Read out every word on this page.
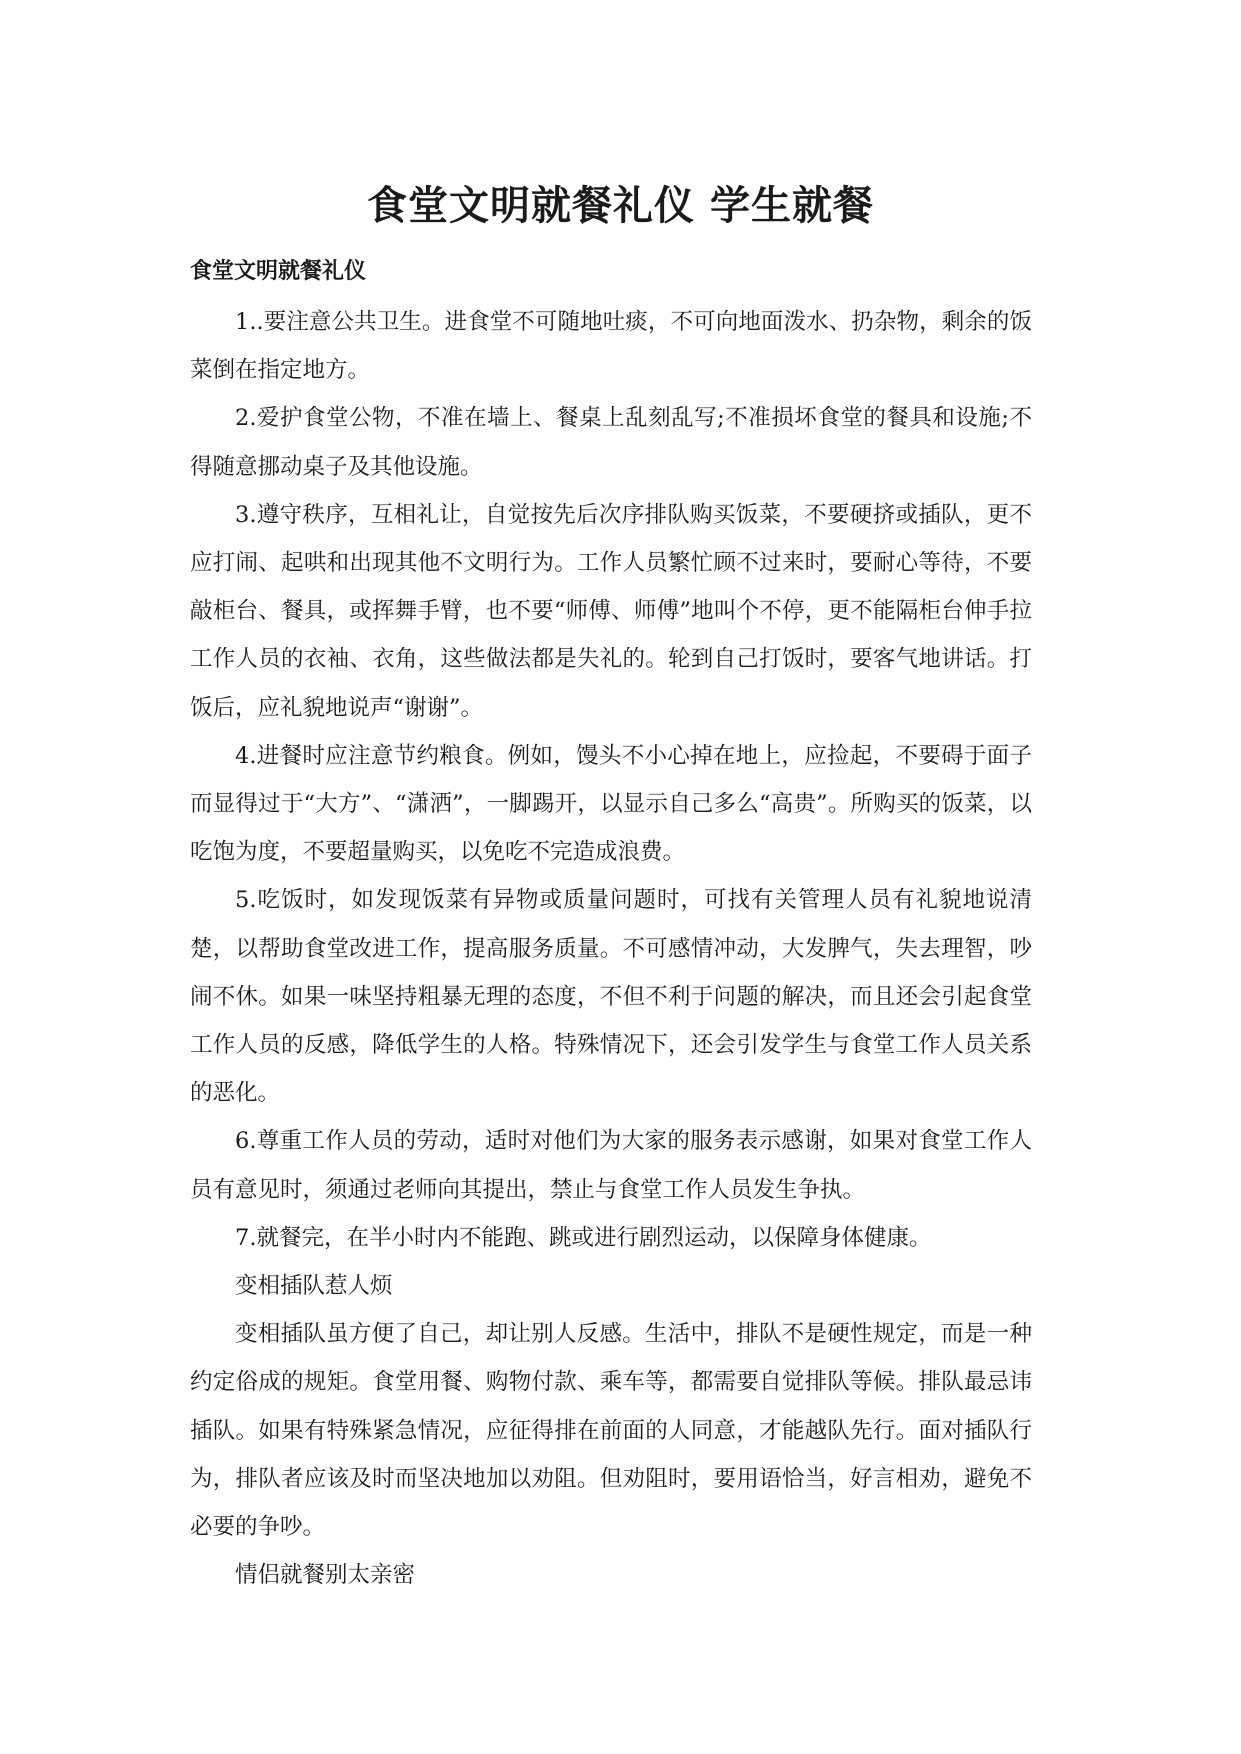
食堂文明就餐礼仪 学生就餐
食堂文明就餐礼仪

1..要注意公共卫生。进食堂不可随地吐痰，不可向地面泼水、扔杂物，剩余的饭菜倒在指定地方。

2.爱护食堂公物，不准在墙上、餐桌上乱刻乱写;不准损坏食堂的餐具和设施;不得随意挪动桌子及其他设施。

3.遵守秩序，互相礼让，自觉按先后次序排队购买饭菜，不要硬挤或插队，更不应打闹、起哄和出现其他不文明行为。工作人员繁忙顾不过来时，要耐心等待，不要敲柜台、餐具，或挥舞手臂，也不要“师傅、师傅”地叫个不停，更不能隔柜台伸手拉工作人员的衣袖、衣角，这些做法都是失礼的。轮到自己打饭时，要客气地讲话。打饭后，应礼貌地说声“谢谢”。

4.进餐时应注意节约粮食。例如，馒头不小心掉在地上，应捡起，不要碍于面子而显得过于“大方”、“潇洒”，一脚踢开，以显示自己多么“高贵”。所购买的饭菜，以吃饱为度，不要超量购买，以免吃不完造成浪费。

5.吃饭时，如发现饭菜有异物或质量问题时，可找有关管理人员有礼貌地说清楚，以帮助食堂改进工作，提高服务质量。不可感情冲动，大发脾气，失去理智，吵闹不休。如果一味坚持粗暴无理的态度，不但不利于问题的解决，而且还会引起食堂工作人员的反感，降低学生的人格。特殊情况下，还会引发学生与食堂工作人员关系的恶化。

6.尊重工作人员的劳动，适时对他们为大家的服务表示感谢，如果对食堂工作人员有意见时，须通过老师向其提出，禁止与食堂工作人员发生争执。

7.就餐完，在半小时内不能跑、跳或进行剧烈运动，以保障身体健康。

变相插队惹人烦

变相插队虽方便了自己，却让别人反感。生活中，排队不是硬性规定，而是一种约定俗成的规矩。食堂用餐、购物付款、乘车等，都需要自觉排队等候。排队最忌讳插队。如果有特殊紧急情况，应征得排在前面的人同意，才能越队先行。面对插队行为，排队者应该及时而坚决地加以劝阻。但劝阻时，要用语恰当，好言相劝，避免不必要的争吵。

情侣就餐别太亲密
